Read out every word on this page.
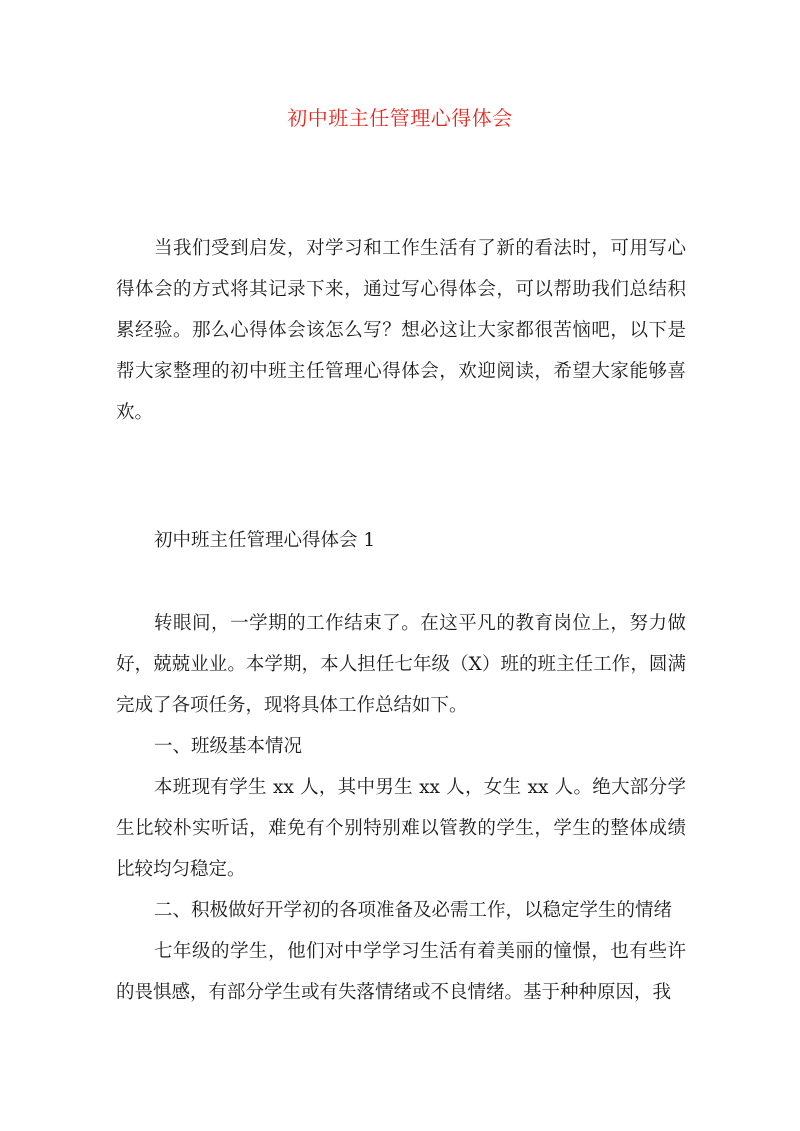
初中班主任管理心得体会

当我们受到启发，对学习和工作生活有了新的看法时，可用写心得体会的方式将其记录下来，通过写心得体会，可以帮助我们总结积累经验。那么心得体会该怎么写？想必这让大家都很苦恼吧，以下是帮大家整理的初中班主任管理心得体会，欢迎阅读，希望大家能够喜欢。

初中班主任管理心得体会 1

转眼间，一学期的工作结束了。在这平凡的教育岗位上，努力做好，兢兢业业。本学期，本人担任七年级（X）班的班主任工作，圆满完成了各项任务，现将具体工作总结如下。

一、班级基本情况

本班现有学生 xx 人，其中男生 xx 人，女生 xx 人。绝大部分学生比较朴实听话，难免有个别特别难以管教的学生，学生的整体成绩比较均匀稳定。

二、积极做好开学初的各项准备及必需工作，以稳定学生的情绪

七年级的学生，他们对中学学习生活有着美丽的憧憬，也有些许的畏惧感，有部分学生或有失落情绪或不良情绪。基于种种原因，我
